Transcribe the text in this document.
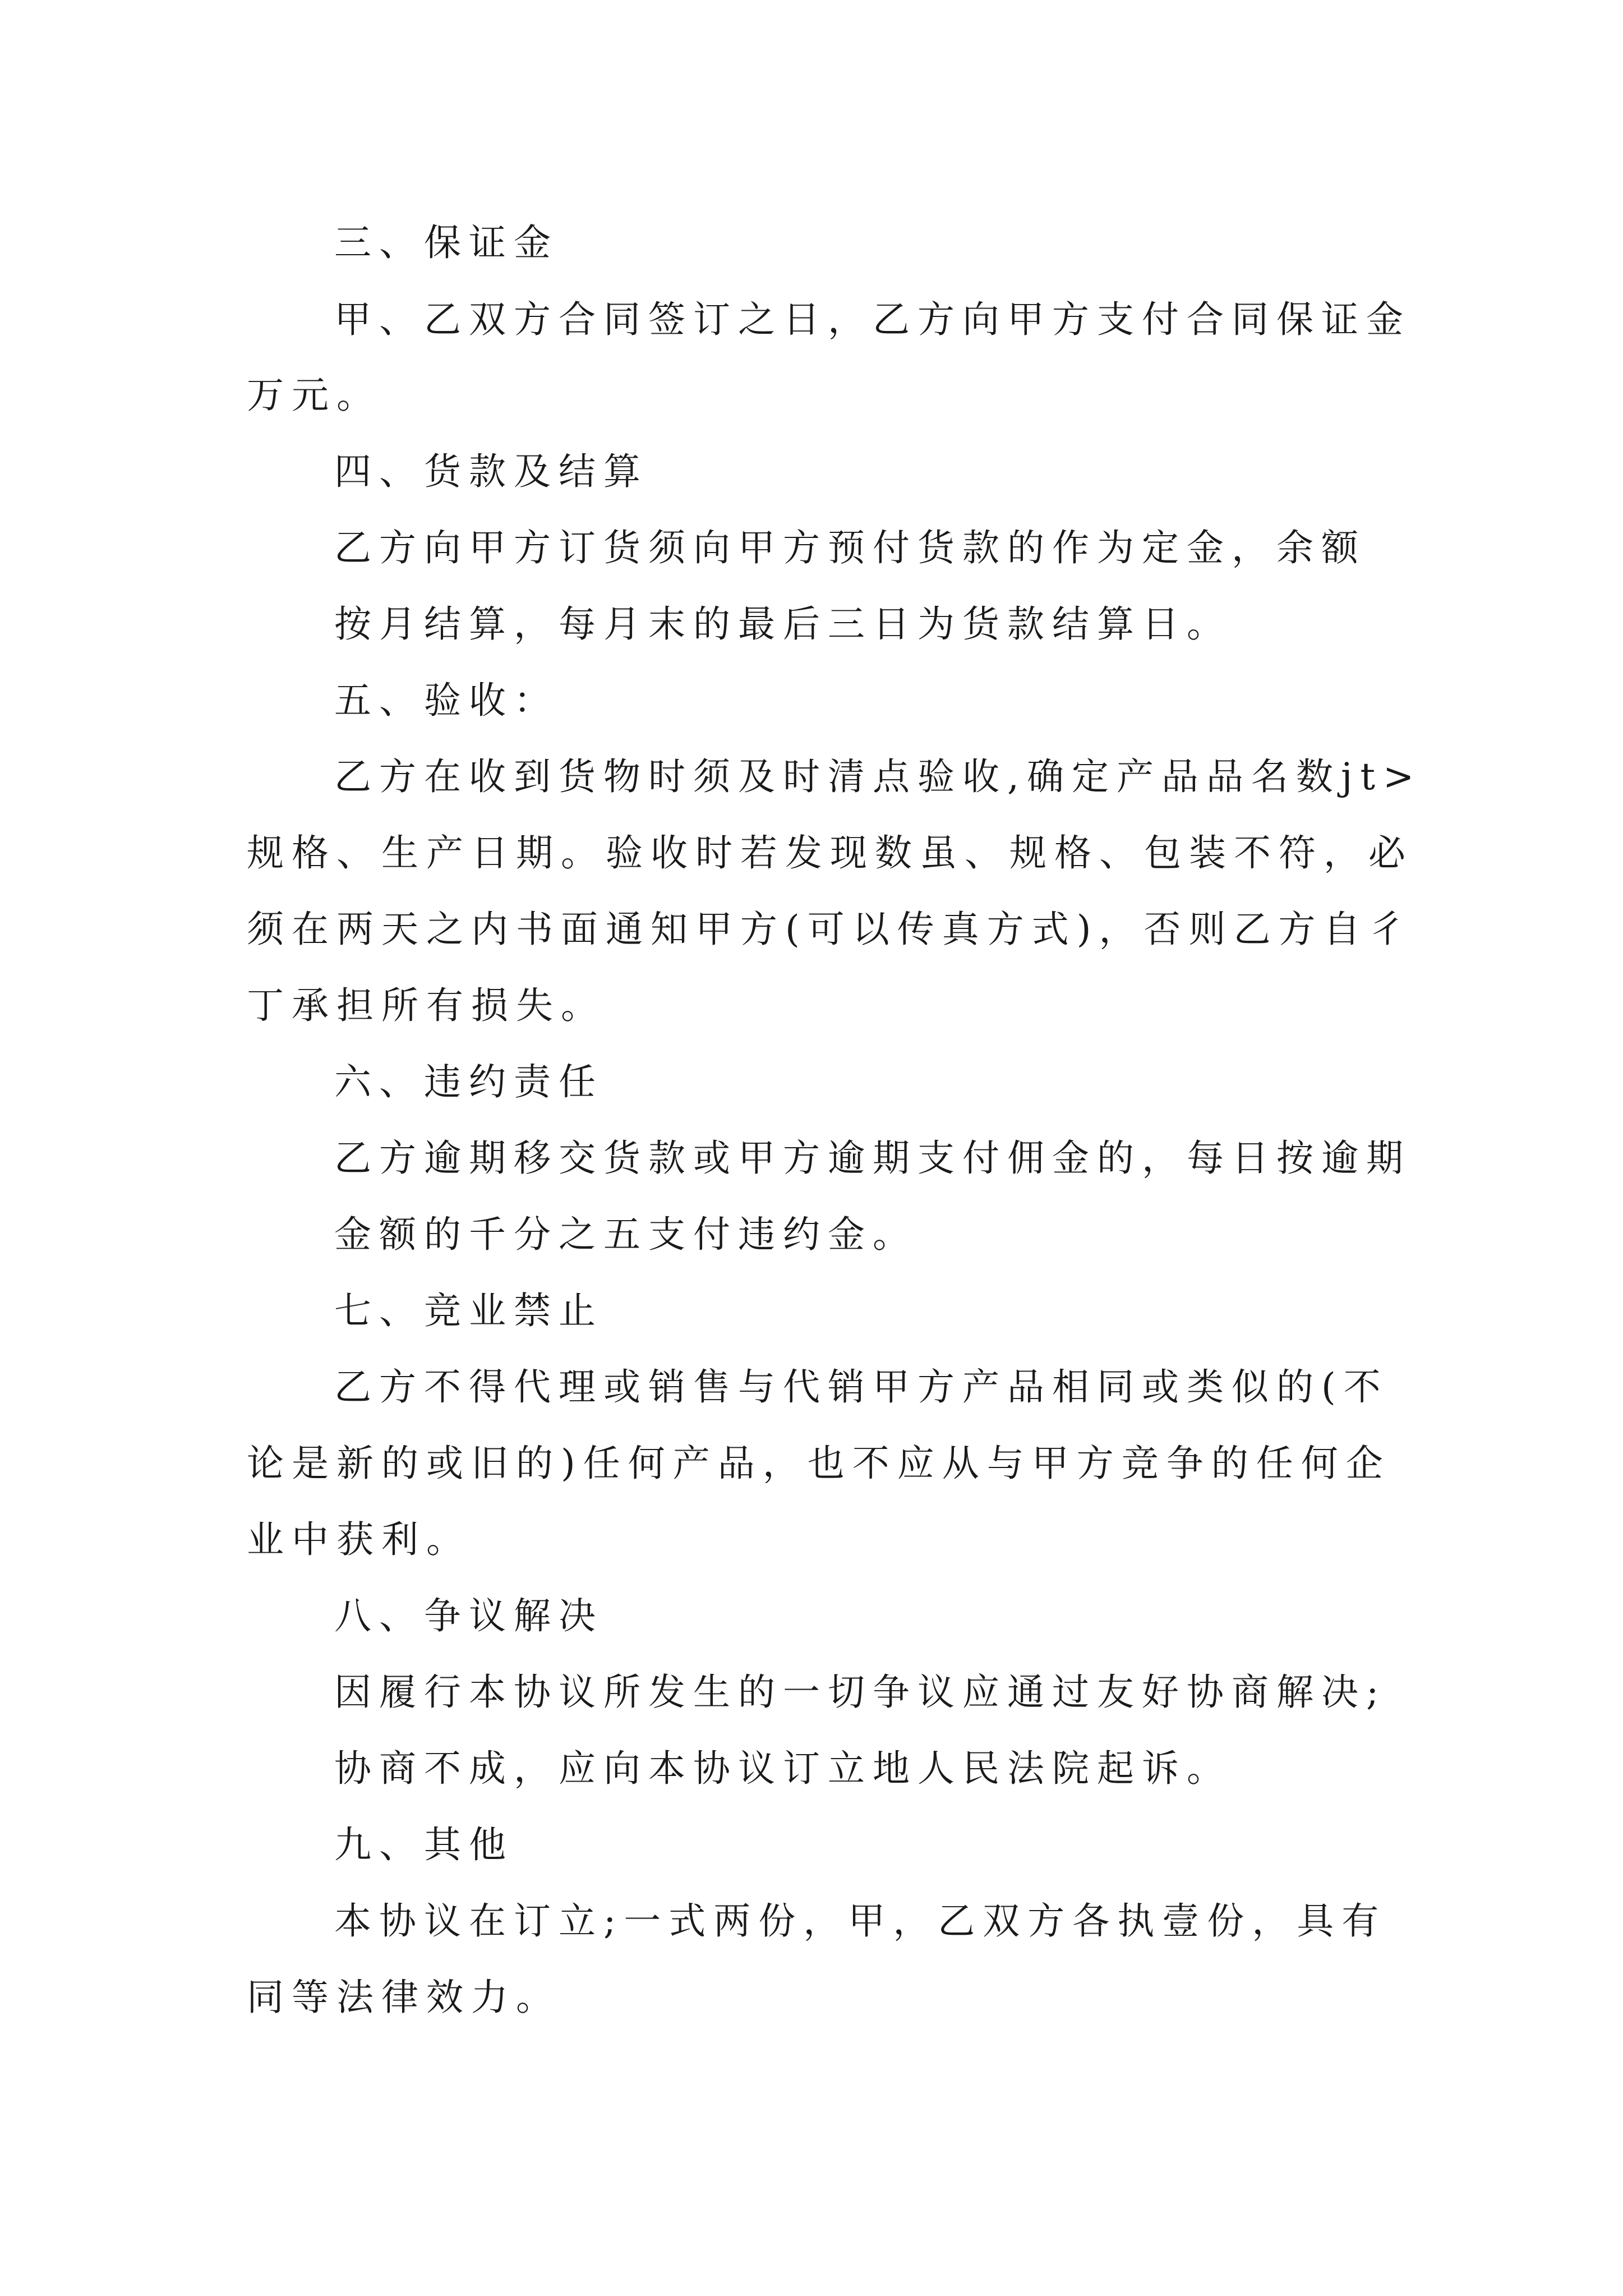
三、保证金
甲、乙双方合同签订之日，乙方向甲方支付合同保证金
万元。
四、货款及结算
乙方向甲方订货须向甲方预付货款的作为定金，余额
按月结算，每月末的最后三日为货款结算日。
五、验收：
乙方在收到货物时须及时清点验收,确定产品品名数jt>
规格、生产日期。验收时若发现数虽、规格、包装不符，必
须在两天之内书面通知甲方(可以传真方式)，否则乙方自彳
丁承担所有损失。
六、违约责任
乙方逾期移交货款或甲方逾期支付佣金的，每日按逾期
金额的千分之五支付违约金。
七、竞业禁止
乙方不得代理或销售与代销甲方产品相同或类似的(不
论是新的或旧的)任何产品，也不应从与甲方竞争的任何企
业中获利。
八、争议解决
因履行本协议所发生的一切争议应通过友好协商解决;
协商不成，应向本协议订立地人民法院起诉。
九、其他
本协议在订立;一式两份，甲，乙双方各执壹份，具有
同等法律效力。
